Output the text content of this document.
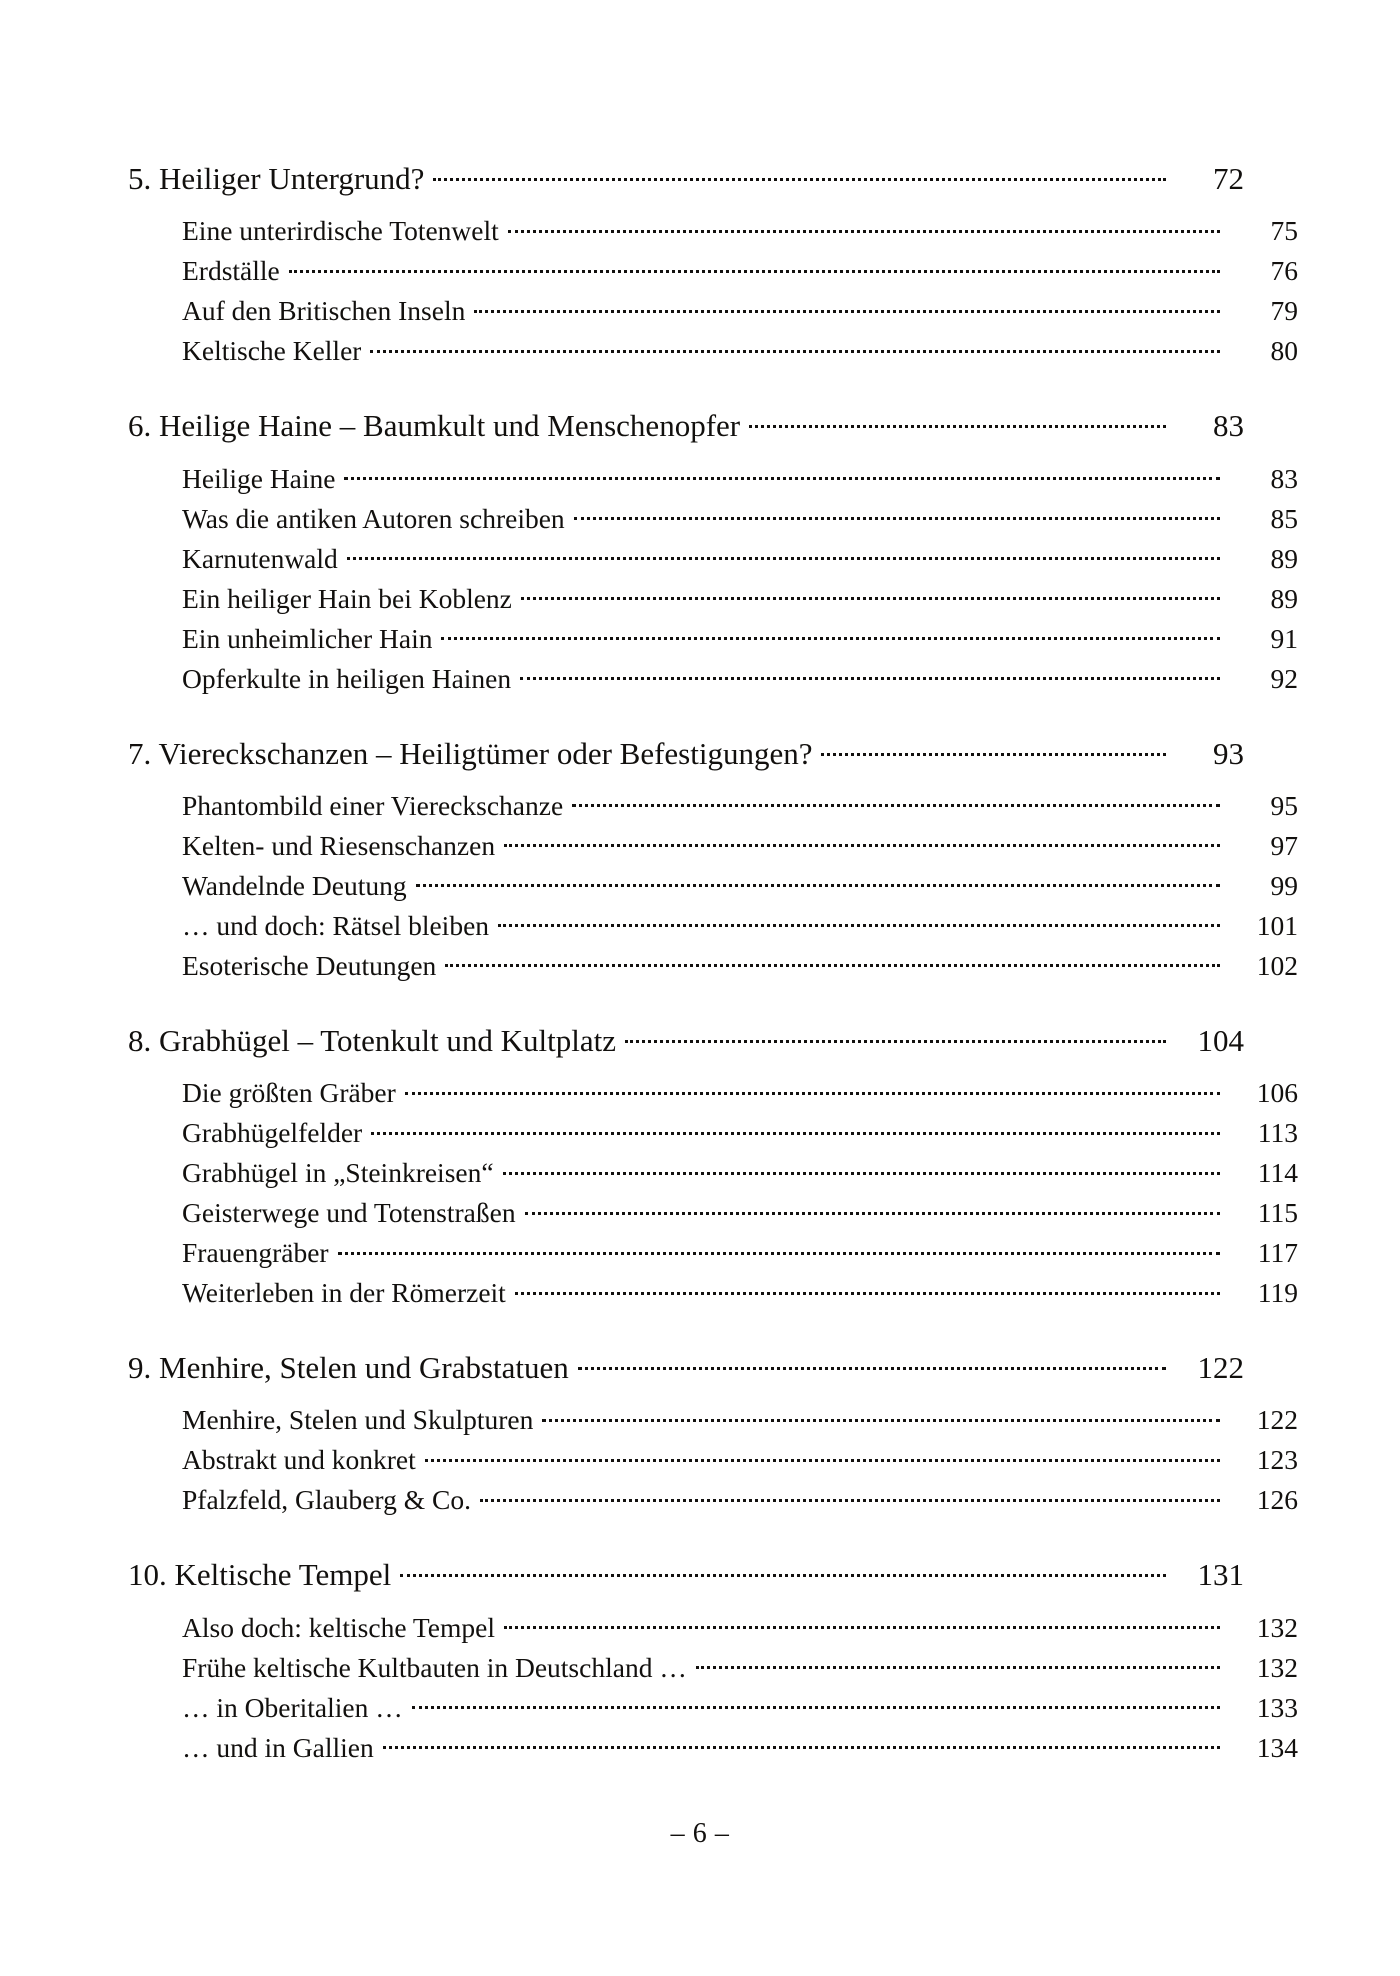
5. Heiliger Untergrund?	72
Eine unterirdische Totenwelt	75
Erdställe	76
Auf den Britischen Inseln	79
Keltische Keller	80
6. Heilige Haine – Baumkult und Menschenopfer	83
Heilige Haine	83
Was die antiken Autoren schreiben	85
Karnutenwald	89
Ein heiliger Hain bei Koblenz	89
Ein unheimlicher Hain	91
Opferkulte in heiligen Hainen	92
7. Viereckschanzen – Heiligtümer oder Befestigungen?	93
Phantombild einer Viereckschanze	95
Kelten- und Riesenschanzen	97
Wandelnde Deutung	99
… und doch: Rätsel bleiben	101
Esoterische Deutungen	102
8. Grabhügel – Totenkult und Kultplatz	104
Die größten Gräber	106
Grabhügelfelder	113
Grabhügel in „Steinkreisen“	114
Geisterwege und Totenstraßen	115
Frauengräber	117
Weiterleben in der Römerzeit	119
9. Menhire, Stelen und Grabstatuen	122
Menhire, Stelen und Skulpturen	122
Abstrakt und konkret	123
Pfalzfeld, Glauberg & Co.	126
10. Keltische Tempel	131
Also doch: keltische Tempel	132
Frühe keltische Kultbauten in Deutschland …	132
… in Oberitalien …	133
… und in Gallien	134
– 6 –
